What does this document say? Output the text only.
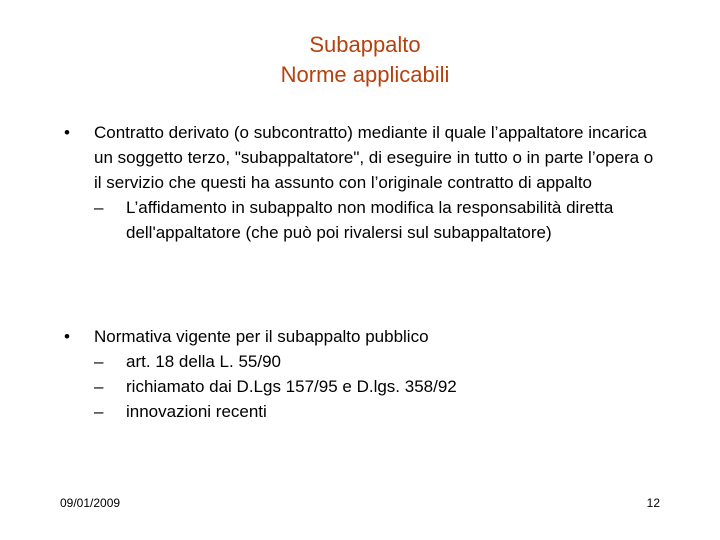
Subappalto
Norme applicabili
• Contratto derivato (o subcontratto) mediante il quale l’appaltatore incarica un soggetto terzo, "subappaltatore", di eseguire in tutto o in parte l’opera o il servizio che questi ha assunto con l’originale contratto di appalto
– L’affidamento in subappalto non modifica la responsabilità diretta dell'appaltatore (che può poi rivalersi sul subappaltatore)
• Normativa vigente per il subappalto pubblico
– art. 18 della L. 55/90
– richiamato dai D.Lgs 157/95 e D.lgs. 358/92
– innovazioni recenti
09/01/2009	12
